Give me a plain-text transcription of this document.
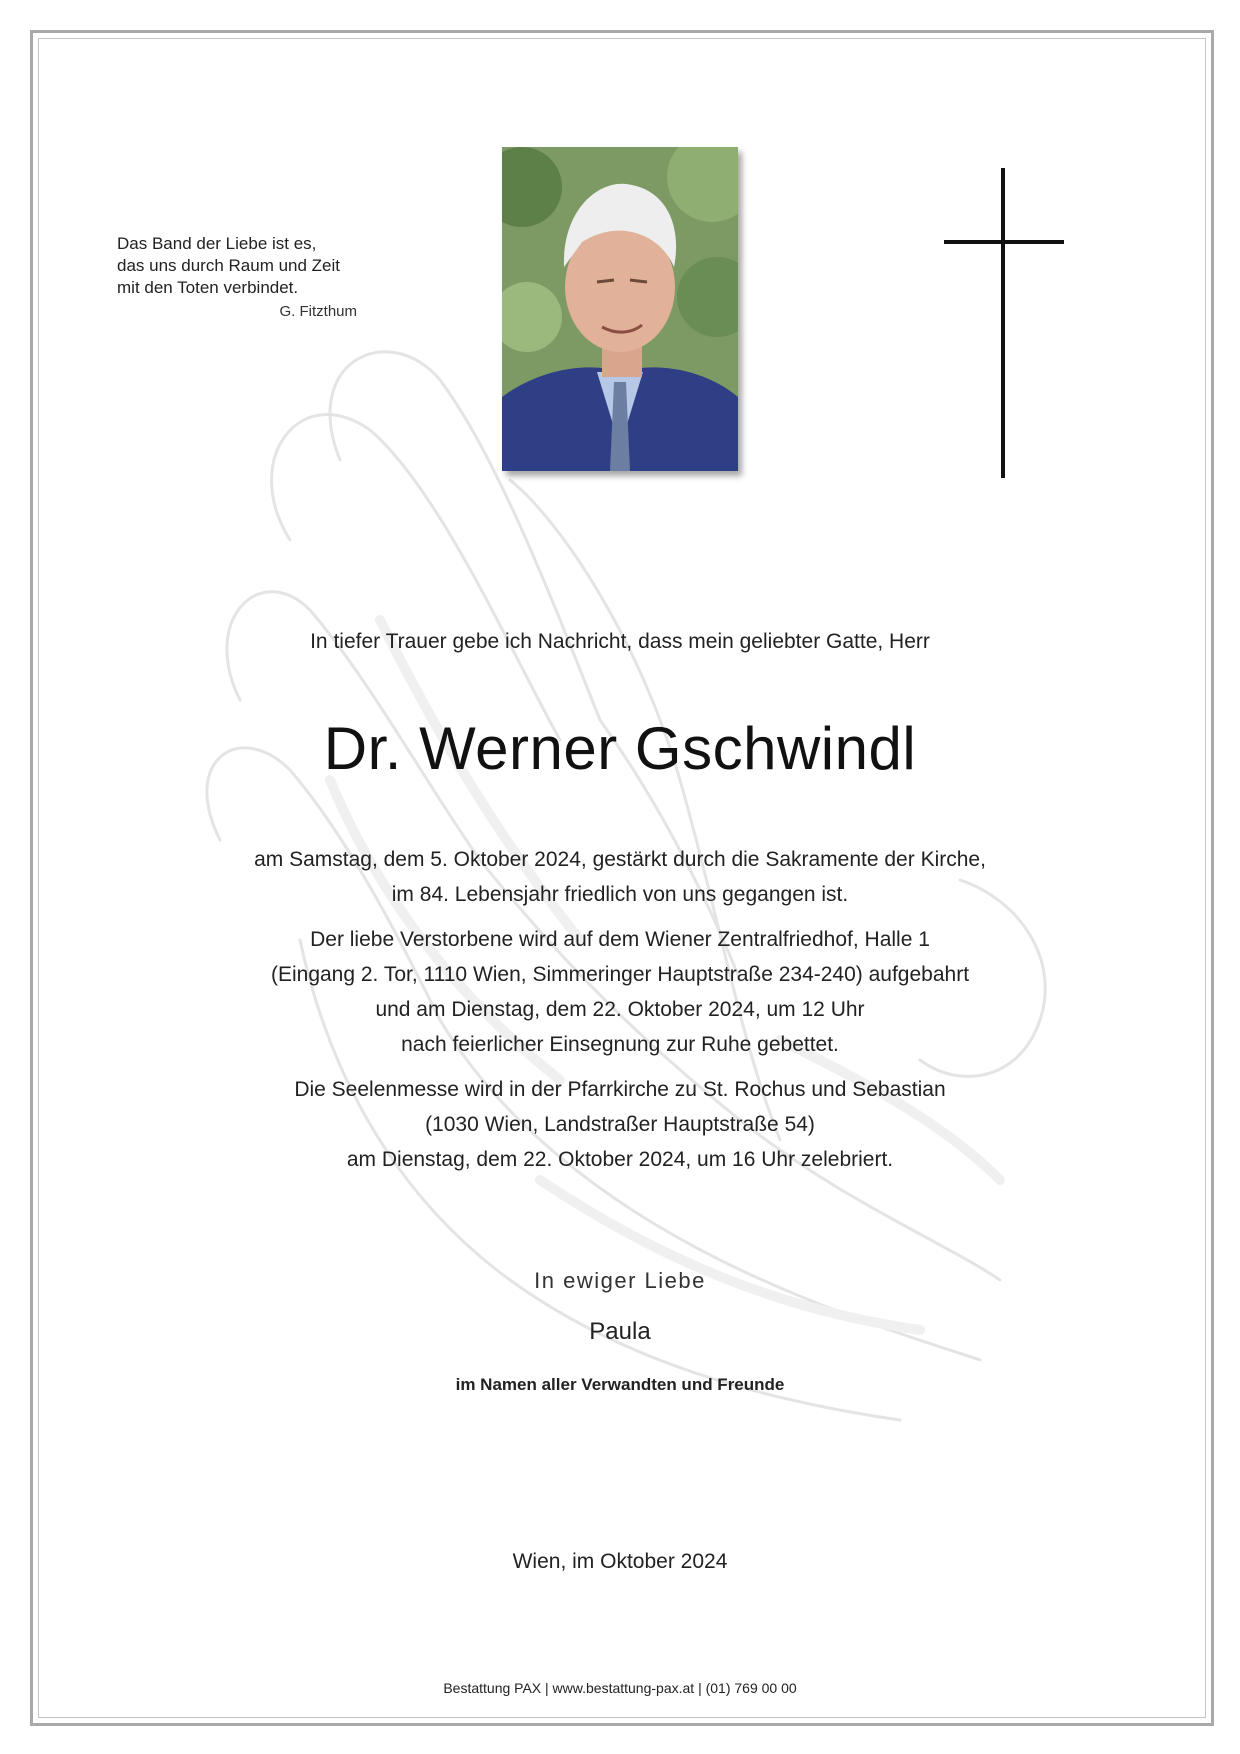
Das Band der Liebe ist es,
das uns durch Raum und Zeit
mit den Toten verbindet.
G. Fitzthum
In tiefer Trauer gebe ich Nachricht, dass mein geliebter Gatte, Herr
Dr. Werner Gschwindl

am Samstag, dem 5. Oktober 2024, gestärkt durch die Sakramente der Kirche,
im 84. Lebensjahr friedlich von uns gegangen ist.

Der liebe Verstorbene wird auf dem Wiener Zentralfriedhof, Halle 1
(Eingang 2. Tor, 1110 Wien, Simmeringer Hauptstraße 234-240) aufgebahrt
und am Dienstag, dem 22. Oktober 2024, um 12 Uhr
nach feierlicher Einsegnung zur Ruhe gebettet.

Die Seelenmesse wird in der Pfarrkirche zu St. Rochus und Sebastian
(1030 Wien, Landstraßer Hauptstraße 54)
am Dienstag, dem 22. Oktober 2024, um 16 Uhr zelebriert.

In ewiger Liebe
Paula
im Namen aller Verwandten und Freunde
Wien, im Oktober 2024
Bestattung PAX | www.bestattung-pax.at | (01) 769 00 00
